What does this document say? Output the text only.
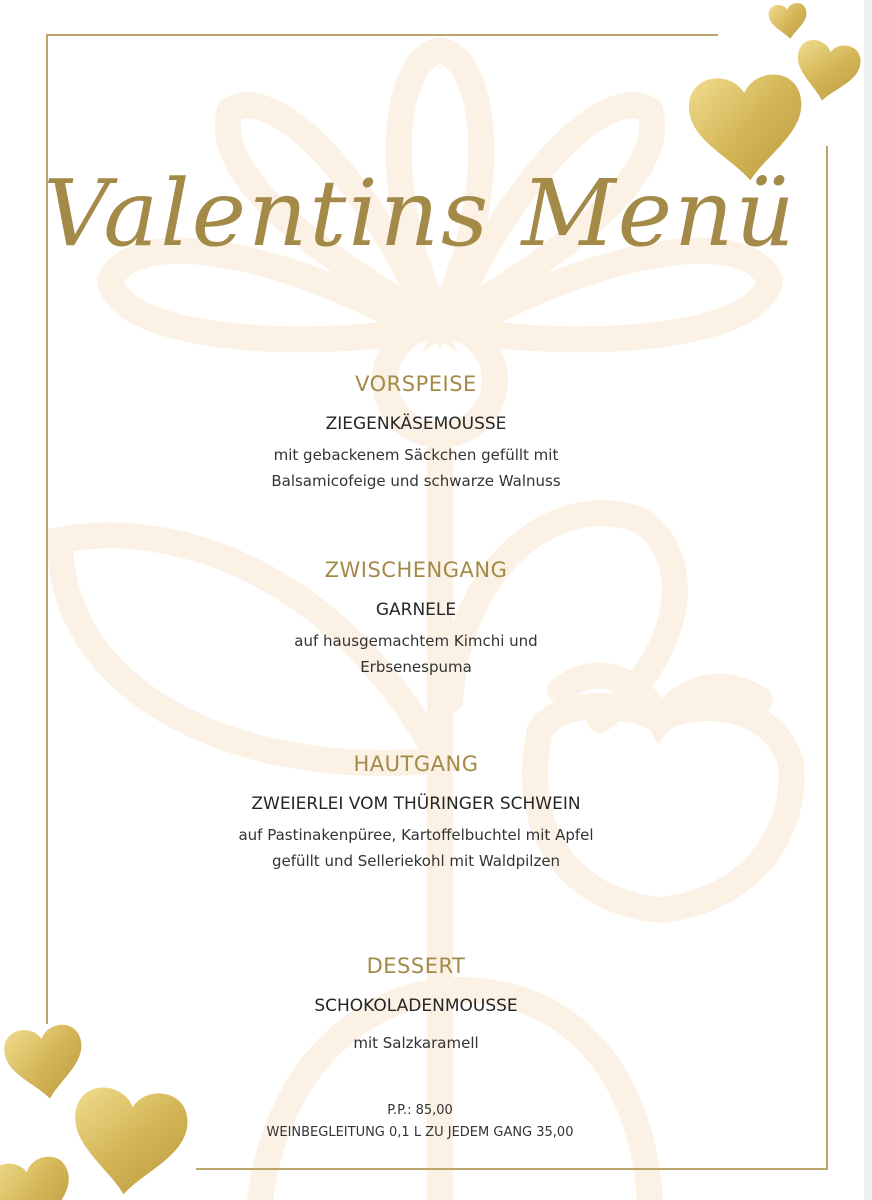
Valentins Menü
VORSPEISE
ZIEGENKÄSEMOUSSE
mit gebackenem Säckchen gefüllt mit
Balsamicofeige und schwarze Walnuss
ZWISCHENGANG
GARNELE
auf hausgemachtem Kimchi und
Erbsenespuma
HAUTGANG
ZWEIERLEI VOM THÜRINGER SCHWEIN
auf Pastinakenpüree, Kartoffelbuchtel mit Apfel
gefüllt und Selleriekohl mit Waldpilzen
DESSERT
SCHOKOLADENMOUSSE
mit Salzkaramell
P.P.: 85,00
WEINBEGLEITUNG 0,1 L ZU JEDEM GANG 35,00
